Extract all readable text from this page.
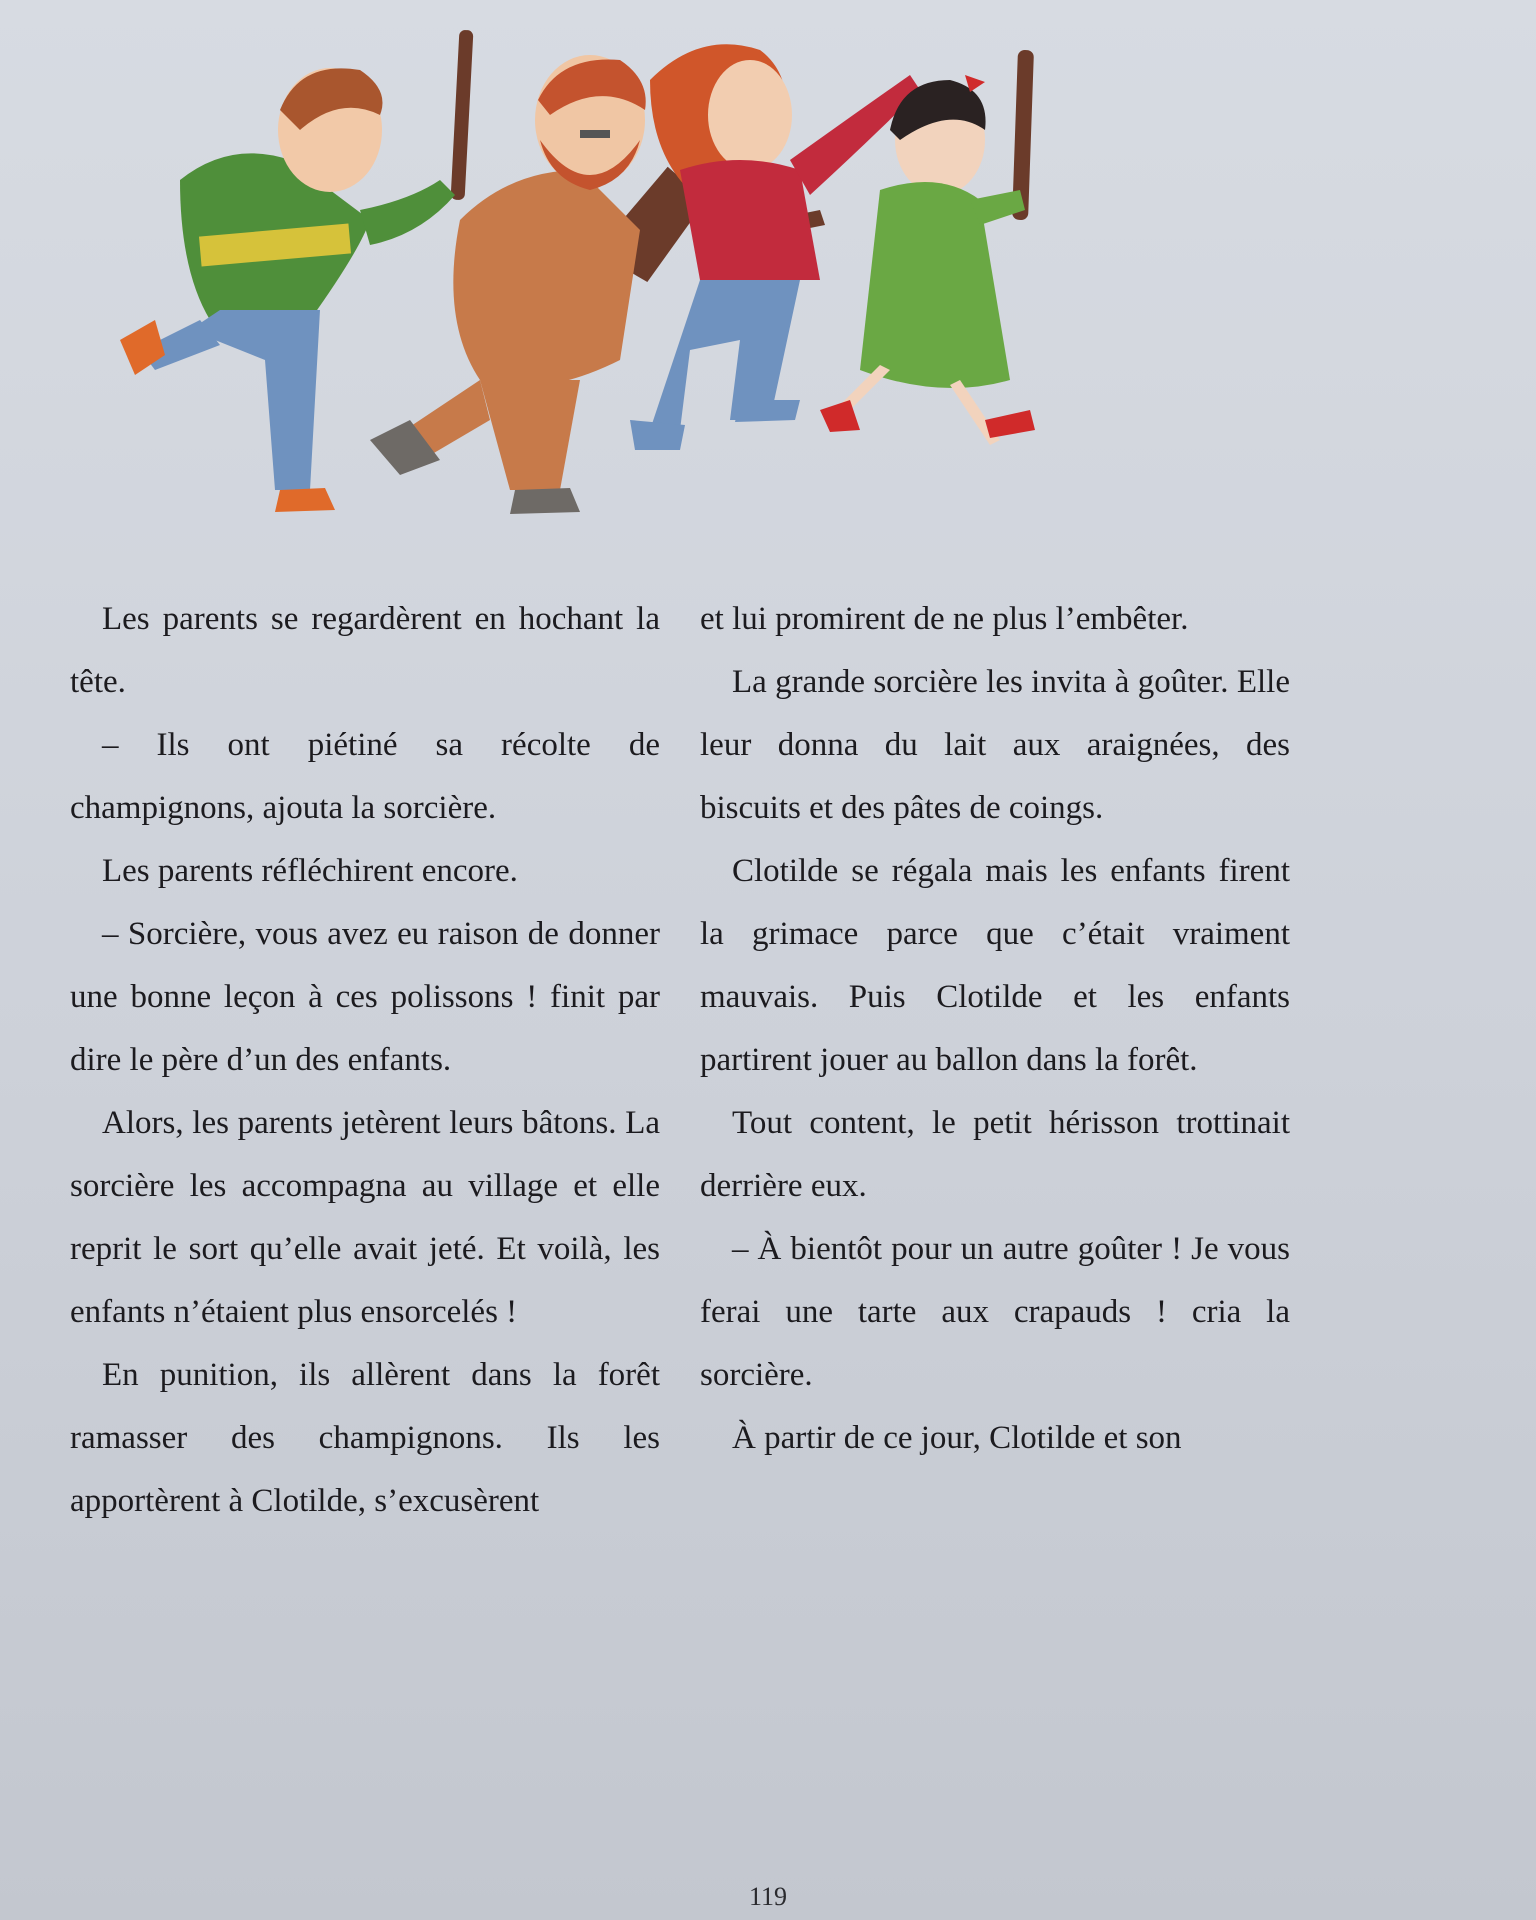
Les parents se regardèrent en hochant la tête.

– Ils ont piétiné sa récolte de champignons, ajouta la sorcière.

Les parents réfléchirent encore.

– Sorcière, vous avez eu raison de donner une bonne leçon à ces polissons ! finit par dire le père d’un des enfants.

Alors, les parents jetèrent leurs bâtons. La sorcière les accompagna au village et elle reprit le sort qu’elle avait jeté. Et voilà, les enfants n’étaient plus ensorcelés !

En punition, ils allèrent dans la forêt ramasser des champignons. Ils les apportèrent à Clotilde, s’excusèrent

et lui promirent de ne plus l’embêter.

La grande sorcière les invita à goûter. Elle leur donna du lait aux araignées, des biscuits et des pâtes de coings.

Clotilde se régala mais les enfants firent la grimace parce que c’était vraiment mauvais. Puis Clotilde et les enfants partirent jouer au ballon dans la forêt.

Tout content, le petit hérisson trottinait derrière eux.

– À bientôt pour un autre goûter ! Je vous ferai une tarte aux crapauds ! cria la sorcière.

À partir de ce jour, Clotilde et son

119
